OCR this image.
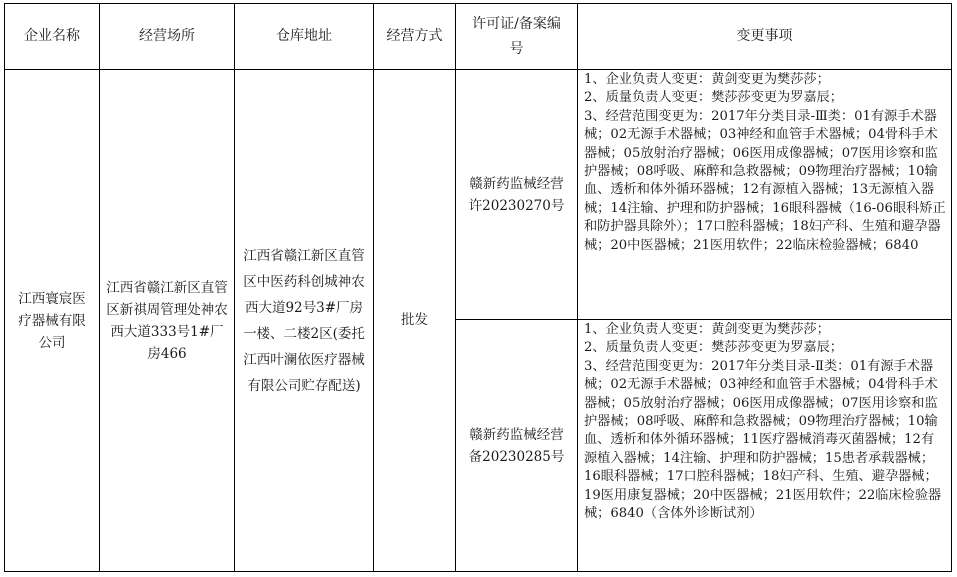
企业名称	经营场所	仓库地址	经营方式	许可证/备案编号	变更事项
江西寰宸医疗器械有限公司	江西省赣江新区直管区新祺周管理处神农西大道333号1#厂房466	江西省赣江新区直管区中医药科创城神农西大道92号3#厂房一楼、二楼2区(委托江西叶澜依医疗器械有限公司贮存配送)	批发	赣新药监械经营许20230270号	1、企业负责人变更：黄剑变更为樊莎莎；
2、质量负责人变更：樊莎莎变更为罗嘉辰；
3、经营范围变更为：2017年分类目录-Ⅲ类：01有源手术器械；02无源手术器械；03神经和血管手术器械；04骨科手术器械；05放射治疗器械；06医用成像器械；07医用诊察和监护器械；08呼吸、麻醉和急救器械；09物理治疗器械；10输血、透析和体外循环器械；12有源植入器械；13无源植入器械；14注输、护理和防护器械；16眼科器械（16-06眼科矫正和防护器具除外）；17口腔科器械；18妇产科、生殖和避孕器械；20中医器械；21医用软件；22临床检验器械；6840

				赣新药监械经营备20230285号	1、企业负责人变更：黄剑变更为樊莎莎；
2、质量负责人变更：樊莎莎变更为罗嘉辰；
3、经营范围变更为：2017年分类目录-Ⅱ类：01有源手术器械；02无源手术器械；03神经和血管手术器械；04骨科手术器械；05放射治疗器械；06医用成像器械；07医用诊察和监护器械；08呼吸、麻醉和急救器械；09物理治疗器械；10输血、透析和体外循环器械；11医疗器械消毒灭菌器械；12有源植入器械；14注输、护理和防护器械；15患者承载器械；16眼科器械；17口腔科器械；18妇产科、生殖、避孕器械；19医用康复器械；20中医器械；21医用软件；22临床检验器械；6840（含体外诊断试剂）
